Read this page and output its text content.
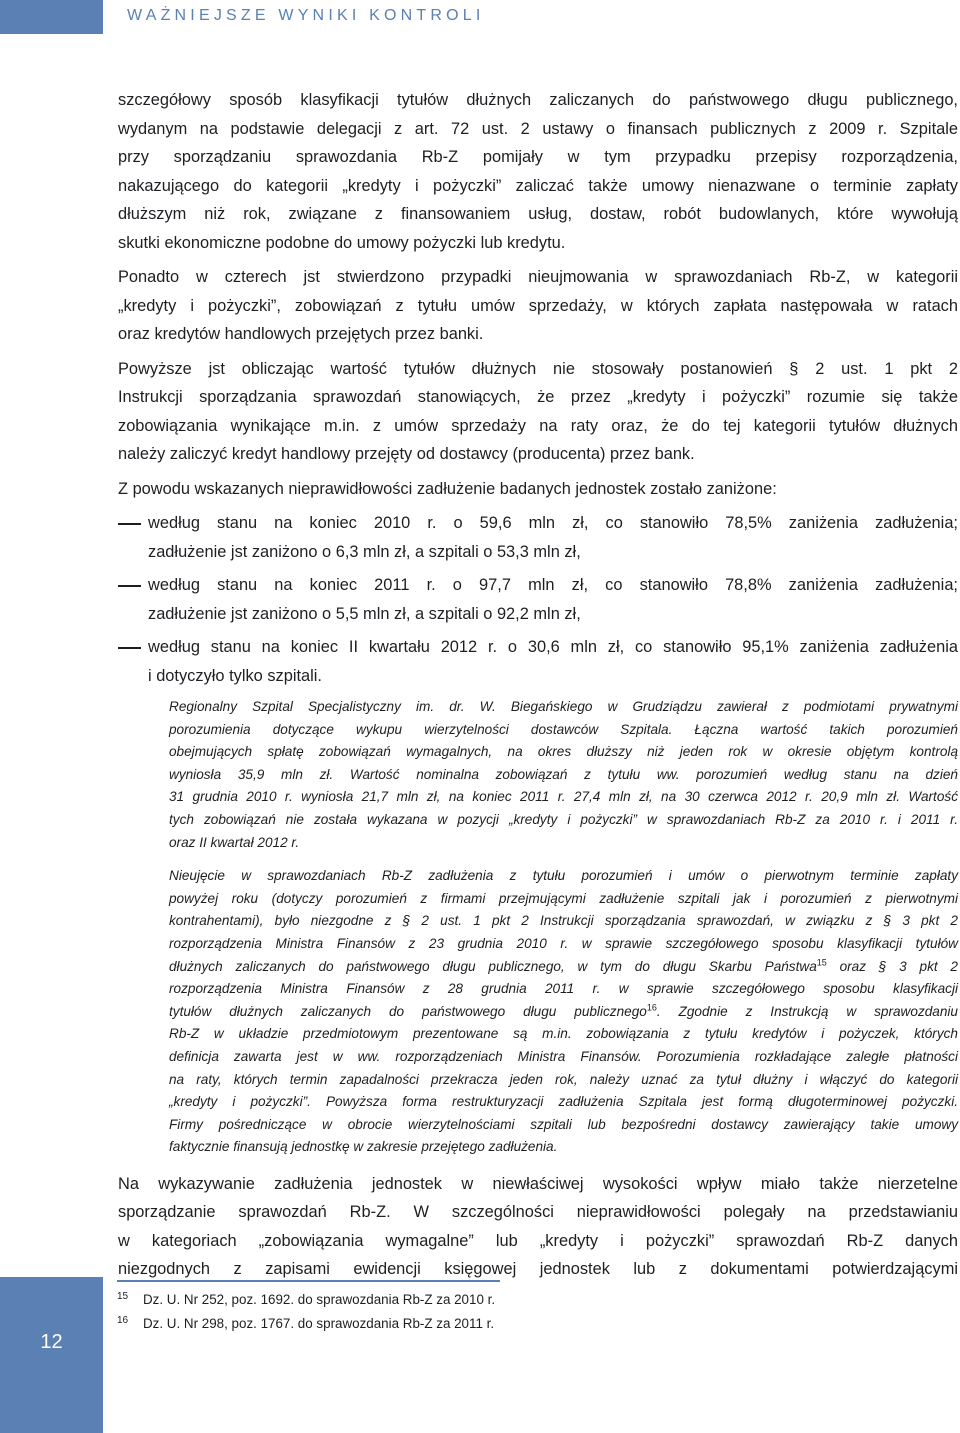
WAŻNIEJSZE WYNIKI KONTROLI
szczegółowy sposób klasyfikacji tytułów dłużnych zaliczanych do państwowego długu publicznego,
wydanym na podstawie delegacji z art. 72 ust. 2 ustawy o finansach publicznych z 2009 r. Szpitale
przy sporządzaniu sprawozdania Rb-Z pomijały w tym przypadku przepisy rozporządzenia,
nakazującego do kategorii „kredyty i pożyczki” zaliczać także umowy nienazwane o terminie zapłaty
dłuższym niż rok, związane z finansowaniem usług, dostaw, robót budowlanych, które wywołują
skutki ekonomiczne podobne do umowy pożyczki lub kredytu.
Ponadto w czterech jst stwierdzono przypadki nieujmowania w sprawozdaniach Rb-Z, w kategorii
„kredyty i pożyczki”, zobowiązań z tytułu umów sprzedaży, w których zapłata następowała w ratach
oraz kredytów handlowych przejętych przez banki.
Powyższe jst obliczając wartość tytułów dłużnych nie stosowały postanowień § 2 ust. 1 pkt 2
Instrukcji sporządzania sprawozdań stanowiących, że przez „kredyty i pożyczki” rozumie się także
zobowiązania wynikające m.in. z umów sprzedaży na raty oraz, że do tej kategorii tytułów dłużnych
należy zaliczyć kredyt handlowy przejęty od dostawcy (producenta) przez bank.
Z powodu wskazanych nieprawidłowości zadłużenie badanych jednostek zostało zaniżone:
według stanu na koniec 2010 r. o 59,6 mln zł, co stanowiło 78,5% zaniżenia zadłużenia;
zadłużenie jst zaniżono o 6,3 mln zł, a szpitali o 53,3 mln zł,
według stanu na koniec 2011 r. o 97,7 mln zł, co stanowiło 78,8% zaniżenia zadłużenia;
zadłużenie jst zaniżono o 5,5 mln zł, a szpitali o 92,2 mln zł,
według stanu na koniec II kwartału 2012 r. o 30,6 mln zł, co stanowiło 95,1% zaniżenia zadłużenia
i dotyczyło tylko szpitali.

Regionalny Szpital Specjalistyczny im. dr. W. Biegańskiego w Grudziądzu zawierał z podmiotami prywatnymi
porozumienia dotyczące wykupu wierzytelności dostawców Szpitala. Łączna wartość takich porozumień
obejmujących spłatę zobowiązań wymagalnych, na okres dłuższy niż jeden rok w okresie objętym kontrolą
wyniosła 35,9 mln zł. Wartość nominalna zobowiązań z tytułu ww. porozumień według stanu na dzień
31 grudnia 2010 r. wyniosła 21,7 mln zł, na koniec 2011 r. 27,4 mln zł, na 30 czerwca 2012 r. 20,9 mln zł. Wartość
tych zobowiązań nie została wykazana w pozycji „kredyty i pożyczki” w sprawozdaniach Rb-Z za 2010 r. i 2011 r.
oraz II kwartał 2012 r.

Nieujęcie w sprawozdaniach Rb-Z zadłużenia z tytułu porozumień i umów o pierwotnym terminie zapłaty
powyżej roku (dotyczy porozumień z firmami przejmującymi zadłużenie szpitali jak i porozumień z pierwotnymi
kontrahentami), było niezgodne z § 2 ust. 1 pkt 2 Instrukcji sporządzania sprawozdań, w związku z § 3 pkt 2
rozporządzenia Ministra Finansów z 23 grudnia 2010 r. w sprawie szczegółowego sposobu klasyfikacji tytułów
dłużnych zaliczanych do państwowego długu publicznego, w tym do długu Skarbu Państwa$^{15}$ oraz § 3 pkt 2
rozporządzenia Ministra Finansów z 28 grudnia 2011 r. w sprawie szczegółowego sposobu klasyfikacji
tytułów dłużnych zaliczanych do państwowego długu publicznego$^{16}$. Zgodnie z Instrukcją w sprawozdaniu
Rb-Z w układzie przedmiotowym prezentowane są m.in. zobowiązania z tytułu kredytów i pożyczek, których
definicja zawarta jest w ww. rozporządzeniach Ministra Finansów. Porozumienia rozkładające zaległe płatności
na raty, których termin zapadalności przekracza jeden rok, należy uznać za tytuł dłużny i włączyć do kategorii
„kredyty i pożyczki”. Powyższa forma restrukturyzacji zadłużenia Szpitala jest formą długoterminowej pożyczki.
Firmy pośredniczące w obrocie wierzytelnościami szpitali lub bezpośredni dostawcy zawierający takie umowy
faktycznie finansują jednostkę w zakresie przejętego zadłużenia.

Na wykazywanie zadłużenia jednostek w niewłaściwej wysokości wpływ miało także nierzetelne
sporządzanie sprawozdań Rb-Z. W szczególności nieprawidłowości polegały na przedstawianiu
w kategoriach „zobowiązania wymagalne” lub „kredyty i pożyczki” sprawozdań Rb-Z danych
niezgodnych z zapisami ewidencji księgowej jednostek lub z dokumentami potwierdzającymi
15	Dz. U. Nr 252, poz. 1692. do sprawozdania Rb-Z za 2010 r.
16	Dz. U. Nr 298, poz. 1767. do sprawozdania Rb-Z za 2011 r.
12
